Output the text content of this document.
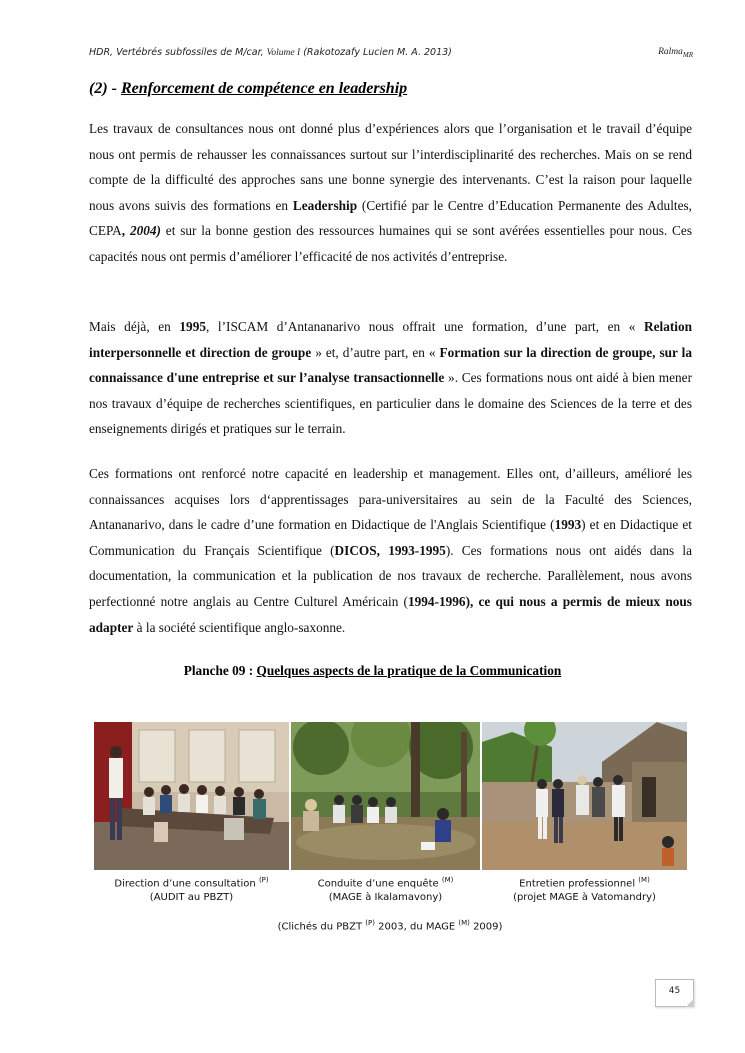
HDR, Vertébrés subfossiles de M/car, Volume I (Rakotozafy Lucien M. A. 2013)	Ralma$_{MR}$
(2) - Renforcement de compétence en leadership

Les travaux de consultances nous ont donné plus d’expériences alors que l’organisation et le travail d’équipe nous ont permis de rehausser les connaissances surtout sur l’interdisciplinarité des recherches. Mais on se rend compte de la difficulté des approches sans une bonne synergie des intervenants. C’est la raison pour laquelle nous avons suivis des formations en Leadership (Certifié par le Centre d’Education Permanente des Adultes, CEPA, 2004) et sur la bonne gestion des ressources humaines qui se sont avérées essentielles pour nous. Ces capacités nous ont permis d’améliorer l’efficacité de nos activités d’entreprise.

Mais déjà, en 1995, l’ISCAM d’Antananarivo nous offrait une formation, d’une part, en « Relation interpersonnelle et direction de groupe » et, d’autre part, en « Formation sur la direction de groupe, sur la connaissance d'une entreprise et sur l’analyse transactionnelle ». Ces formations nous ont aidé à bien mener nos travaux d’équipe de recherches scientifiques, en particulier dans le domaine des Sciences de la terre et des enseignements dirigés et pratiques sur le terrain.

Ces formations ont renforcé notre capacité en leadership et management. Elles ont, d’ailleurs, amélioré les connaissances acquises lors d‘apprentissages para-universitaires au sein de la Faculté des Sciences, Antananarivo, dans le cadre d’une formation en Didactique de l'Anglais Scientifique (1993) et en Didactique et Communication du Français Scientifique (DICOS, 1993-1995). Ces formations nous ont aidés dans la documentation, la communication et la publication de nos travaux de recherche. Parallèlement, nous avons perfectionné notre anglais au Centre Culturel Américain (1994-1996), ce qui nous a permis de mieux nous adapter à la société scientifique anglo-saxonne.

Planche 09 : Quelques aspects de la pratique de la Communication
Direction d’une consultation $^{(P)}$
(AUDIT au PBZT)
Conduite d’une enquête $^{(M)}$
(MAGE à Ikalamavony)
Entretien professionnel $^{(M)}$
(projet MAGE à Vatomandry)
(Clichés du PBZT $^{(P)}$ 2003, du MAGE $^{(M)}$ 2009)
45
